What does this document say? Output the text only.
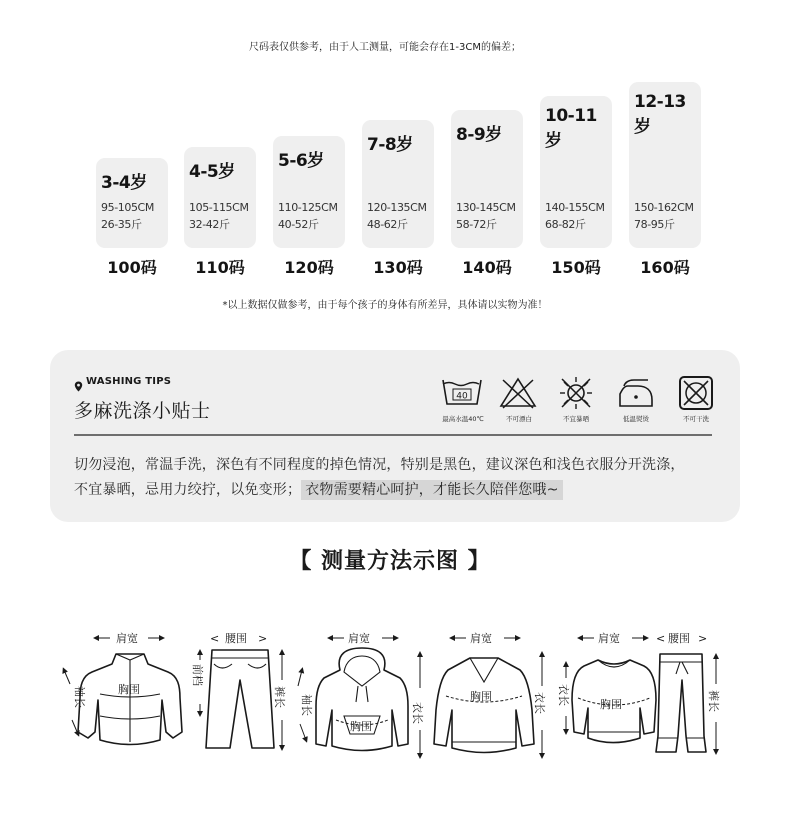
尺码表仅供参考，由于人工测量，可能会存在1-3CM的偏差；
3-4岁
95-105CM
26-35斤
100码
4-5岁
105-115CM
32-42斤
110码
5-6岁
110-125CM
40-52斤
120码
7-8岁
120-135CM
48-62斤
130码
8-9岁
130-145CM
58-72斤
140码
10-11岁
140-155CM
68-82斤
150码
12-13岁
150-162CM
78-95斤
160码
*以上数据仅做参考，由于每个孩子的身体有所差异，具体请以实物为准！
WASHING TIPS
多麻洗涤小贴士
40
最高水温40℃	不可漂白	不宜暴晒	低温熨烫	不可干洗
切勿浸泡，常温手洗，深色有不同程度的掉色情况，特别是黑色，建议深色和浅色衣服分开洗涤，
不宜暴晒，忌用力绞拧，以免变形； 衣物需要精心呵护，才能长久陪伴您哦~
【 测量方法示图 】
肩宽
胸围
袖长
< 腰围 >
前档
裤长
肩宽
胸围
袖长	衣长
肩宽
胸围	衣长
肩宽
胸围
衣长
< 腰围 >
裤长
